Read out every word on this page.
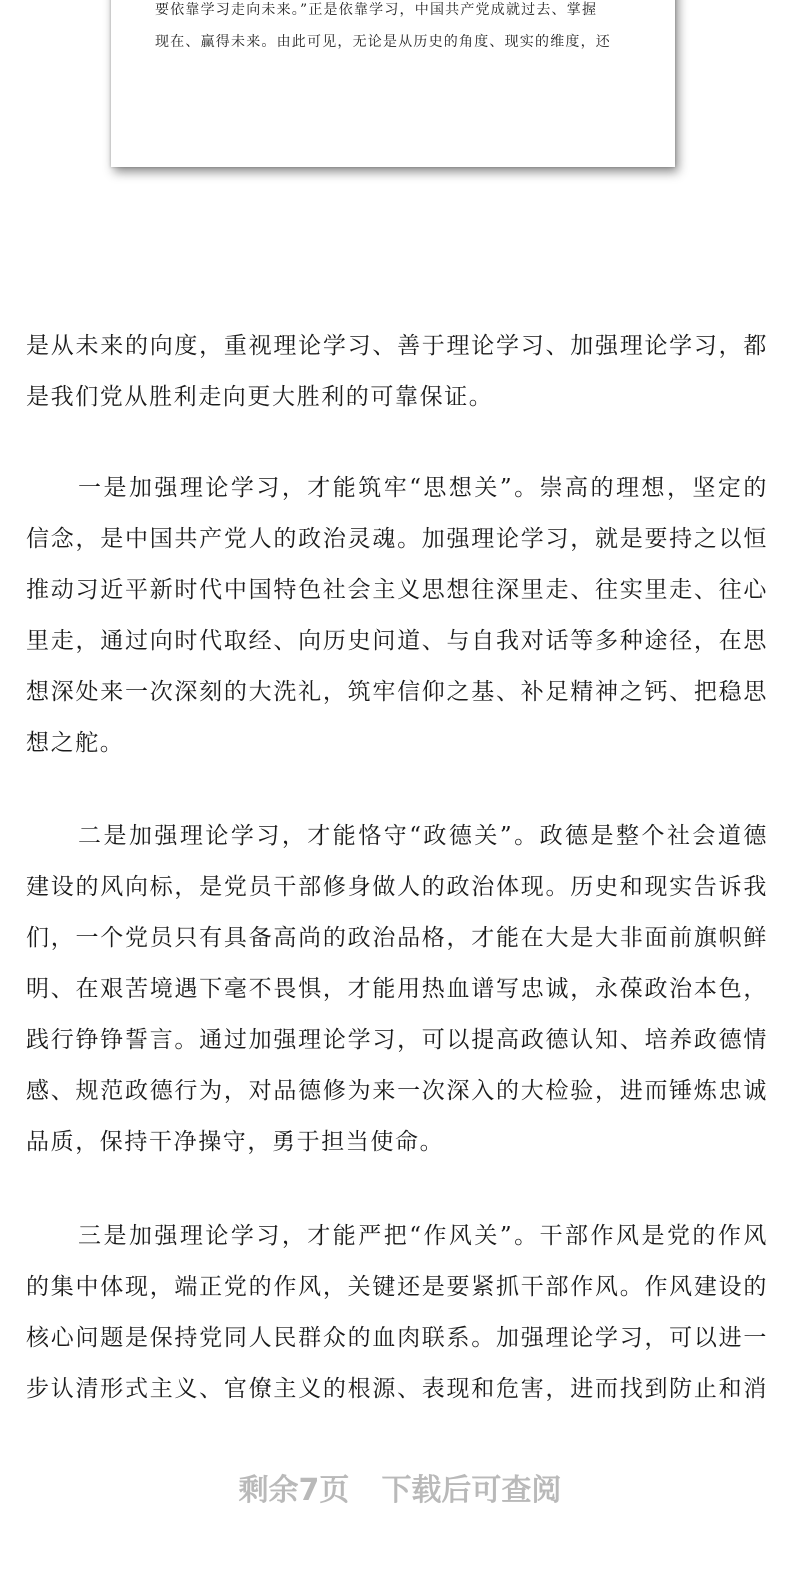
要依靠学习走向未来。”正是依靠学习，中国共产党成就过去、掌握
现在、赢得未来。由此可见，无论是从历史的角度、现实的维度，还
是从未来的向度，重视理论学习、善于理论学习、加强理论学习，都
是我们党从胜利走向更大胜利的可靠保证。
一是加强理论学习，才能筑牢“思想关”。崇高的理想，坚定的
信念，是中国共产党人的政治灵魂。加强理论学习，就是要持之以恒
推动习近平新时代中国特色社会主义思想往深里走、往实里走、往心
里走，通过向时代取经、向历史问道、与自我对话等多种途径，在思
想深处来一次深刻的大洗礼，筑牢信仰之基、补足精神之钙、把稳思
想之舵。
二是加强理论学习，才能恪守“政德关”。政德是整个社会道德
建设的风向标，是党员干部修身做人的政治体现。历史和现实告诉我
们，一个党员只有具备高尚的政治品格，才能在大是大非面前旗帜鲜
明、在艰苦境遇下毫不畏惧，才能用热血谱写忠诚，永葆政治本色，
践行铮铮誓言。通过加强理论学习，可以提高政德认知、培养政德情
感、规范政德行为，对品德修为来一次深入的大检验，进而锤炼忠诚
品质，保持干净操守，勇于担当使命。
三是加强理论学习，才能严把“作风关”。干部作风是党的作风
的集中体现，端正党的作风，关键还是要紧抓干部作风。作风建设的
核心问题是保持党同人民群众的血肉联系。加强理论学习，可以进一
步认清形式主义、官僚主义的根源、表现和危害，进而找到防止和消
剩余7页 下载后可查阅
